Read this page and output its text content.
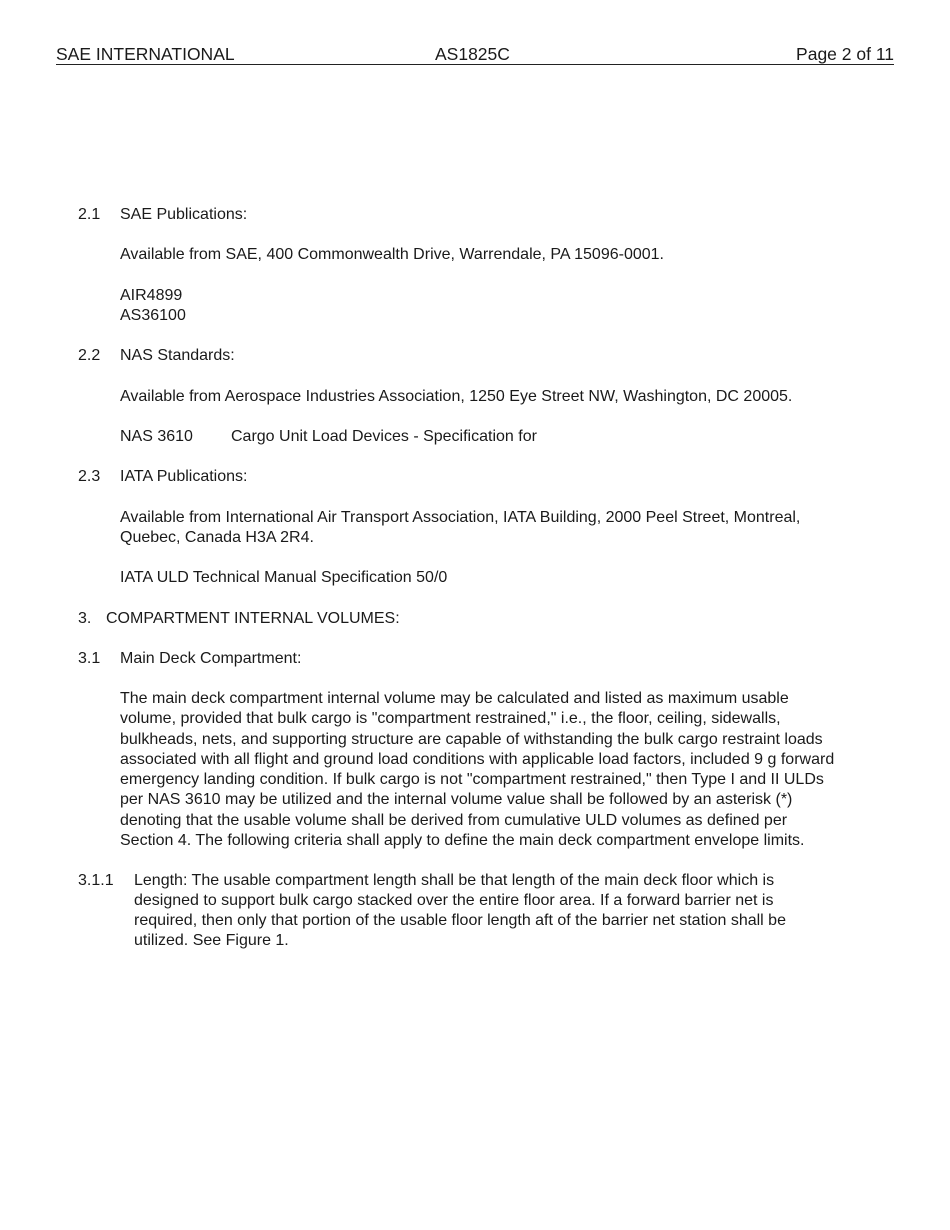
SAE INTERNATIONAL	AS1825C	Page 2 of 11
2.1 SAE Publications:
Available from SAE, 400 Commonwealth Drive, Warrendale, PA 15096-0001.
AIR4899
AS36100
2.2 NAS Standards:
Available from Aerospace Industries Association, 1250 Eye Street NW, Washington, DC 20005.
NAS 3610 Cargo Unit Load Devices - Specification for
2.3 IATA Publications:
Available from International Air Transport Association, IATA Building, 2000 Peel Street, Montreal,
Quebec, Canada H3A 2R4.
IATA ULD Technical Manual Specification 50/0
3. COMPARTMENT INTERNAL VOLUMES:
3.1 Main Deck Compartment:
The main deck compartment internal volume may be calculated and listed as maximum usable
volume, provided that bulk cargo is "compartment restrained," i.e., the floor, ceiling, sidewalls,
bulkheads, nets, and supporting structure are capable of withstanding the bulk cargo restraint loads
associated with all flight and ground load conditions with applicable load factors, included 9 g forward
emergency landing condition. If bulk cargo is not "compartment restrained," then Type I and II ULDs
per NAS 3610 may be utilized and the internal volume value shall be followed by an asterisk (*)
denoting that the usable volume shall be derived from cumulative ULD volumes as defined per
Section 4. The following criteria shall apply to define the main deck compartment envelope limits.
3.1.1 Length: The usable compartment length shall be that length of the main deck floor which is
designed to support bulk cargo stacked over the entire floor area. If a forward barrier net is
required, then only that portion of the usable floor length aft of the barrier net station shall be
utilized. See Figure 1.
